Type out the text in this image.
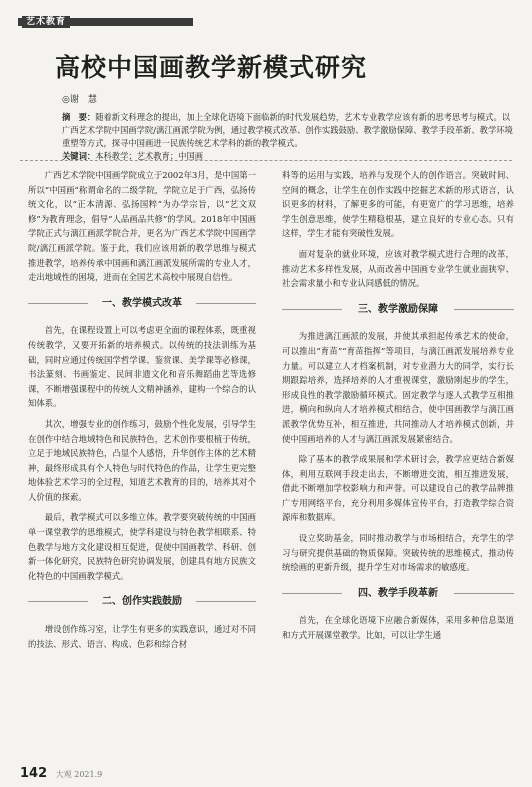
艺术教育
高校中国画教学新模式研究
◎谢　慧
摘　要：随着新文科理念的提出，加上全球化语境下面临新的时代发展趋势，艺术专业教学应该有新的思考思考与模式。以广西艺术学院中国画学院/漓江画派学院为例，通过教学模式改革、创作实践鼓励、教学激励保障、教学手段革新、教学环境重塑等方式，探寻中国画进一民族传统艺术学科的新的教学模式。
关键词：本科教学；艺术教育；中国画

广西艺术学院中国画学院成立于2002年3月，是中国第一所以“中国画”称谓命名的二级学院，学院立足于广西，弘扬传统文化，以“正本清源、弘扬国粹”为办学宗旨，以“艺文双修”为教育理念，倡导“人品画品共修”的学风。2018年中国画学院正式与漓江画派学院合并，更名为广西艺术学院中国画学院/漓江画派学院。鉴于此，我们应该用新的教学思维与模式推进教学，培养传承中国画和漓江画派发展所需的专业人才，走出地域性的困境，进而在全国艺术高校中展现自信性。

一、教学模式改革

首先，在课程设置上可以考虑更全面的课程体系，既重视传统教学，又要开拓新的培养模式。以传统的技法训练为基础，同时应通过传统国学哲学课、鉴赏课、美学课等必修课，书法篆刻、书画鉴定、民间非遗文化和音乐舞蹈曲艺等选修课，不断增强课程中的传统人文精神涵养，建构一个综合的认知体系。

其次，增强专业的创作练习，鼓励个性化发展，引导学生在创作中结合地域特色和民族特色，艺术创作要根植于传统，立足于地域民族特色，凸显个人感悟，升华创作主体的艺术精神，最终形成具有个人特色与时代特色的作品，让学生更完整地体验艺术学习的全过程，知道艺术教育的目的，培养其对个人价值的探索。

最后，教学模式可以多维立体。教学要突破传统的中国画单一课堂教学的思维模式，使学科建设与特色教学相联系、特色教学与地方文化建设相互促进，促使中国画教学、科研、创新一体化研究，民族特色研究协调发展，创建具有地方民族文化特色的中国画教学模式。

二、创作实践鼓励

增设创作练习室，让学生有更多的实践意识，通过对不同的技法、形式、语言、构成、色彩和综合材

料等的运用与实践，培养与发现个人的创作语言。突破时间、空间的概念，让学生在创作实践中挖掘艺术新的形式语言，认识更多的材料，了解更多的可能，有更宽广的学习思维，培养学生创意思维，使学生精稳根基，建立良好的专业心态。只有这样，学生才能有突破性发展。

面对复杂的就业环境，应该对教学模式进行合理的改革，推动艺术多样性发展，从而改善中国画专业学生就业面狭窄、社会需求量小和专业认同感低的情况。

三、教学激励保障

为推进漓江画派的发展，并使其承担起传承艺术的使命，可以推出“育苗”“育苗指挥”等项目，与漓江画派发展培养专业力量。可以建立人才档案机制，对专业潜力大的同学，实行长期跟踪培养，选择培养的人才重视课堂，激励刚起步的学生，形成良性的教学激励循环模式。固定教学与逐人式教学互相推进，横向和纵向人才培养模式相结合，使中国画教学与漓江画派教学优势互补，相互推进，共同推动人才培养模式创新，并使中国画培养的人才与漓江画派发展紧密结合。

除了基本的教学成果展和学术研讨会，教学应更结合新媒体，利用互联网手段走出去，不断增进交流，相互推进发展，借此不断增加学校影响力和声誉。可以建设自己的教学品牌推广专用网络平台，充分利用多媒体宣传平台，打造教学综合资源库和数据库。

设立奖助基金，同时推动教学与市场相结合，充学生的学习与研究提供基础的物质保障。突破传统的思维模式，推动传统绘画的更新升级，提升学生对市场需求的敏感度。

四、教学手段革新

首先，在全球化语境下应融合新媒体，采用多种信息渠道和方式开展课堂教学。比如，可以让学生通

142 大观 2021.9
